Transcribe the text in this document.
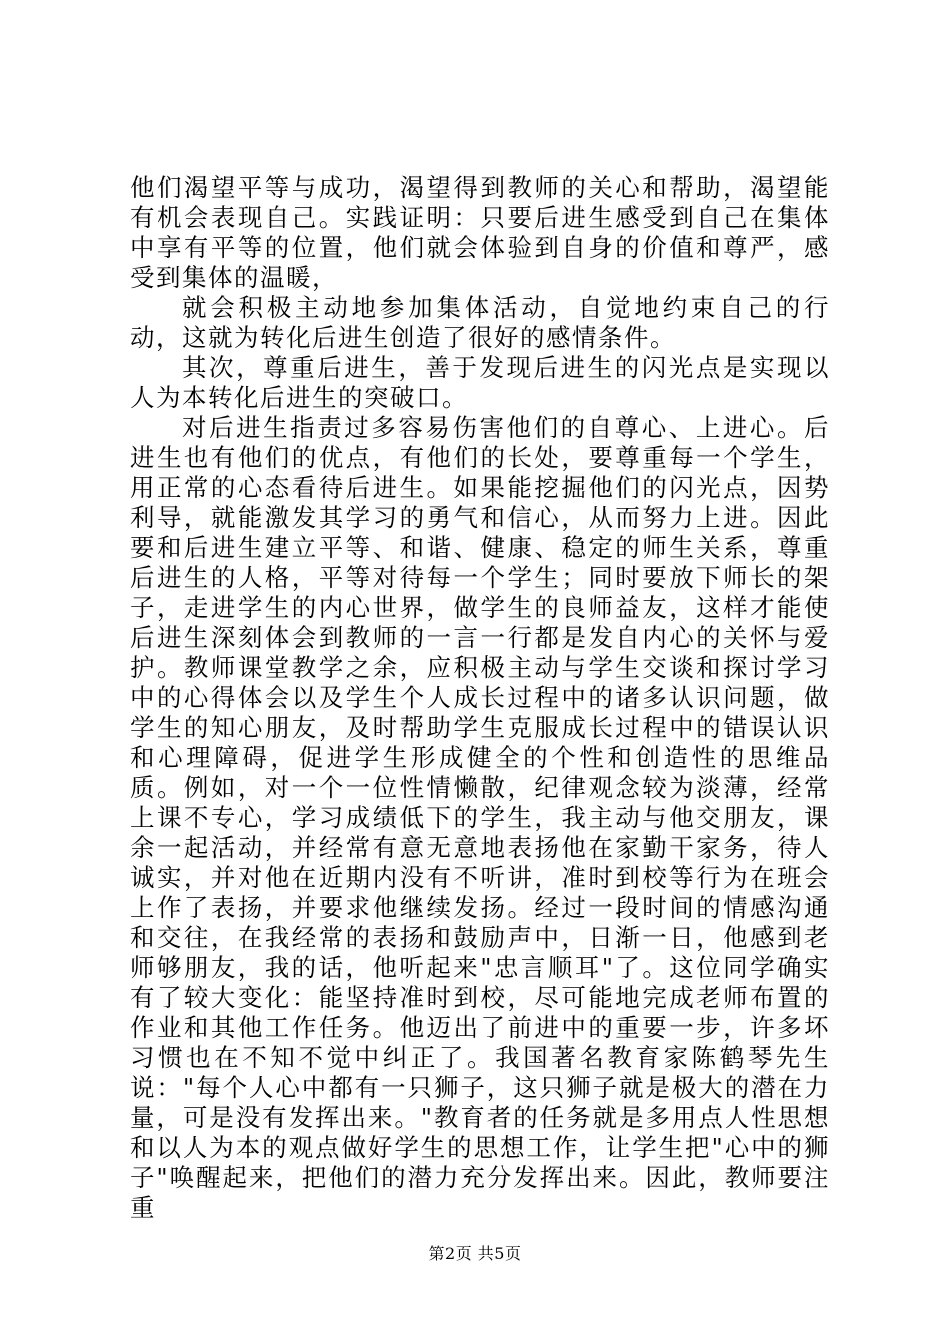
他们渴望平等与成功，渴望得到教师的关心和帮助，渴望能有机会表现自己。实践证明：只要后进生感受到自己在集体中享有平等的位置，他们就会体验到自身的价值和尊严，感受到集体的温暖，

就会积极主动地参加集体活动，自觉地约束自己的行动，这就为转化后进生创造了很好的感情条件。

其次，尊重后进生，善于发现后进生的闪光点是实现以人为本转化后进生的突破口。

对后进生指责过多容易伤害他们的自尊心、上进心。后进生也有他们的优点，有他们的长处，要尊重每一个学生，用正常的心态看待后进生。如果能挖掘他们的闪光点，因势利导，就能激发其学习的勇气和信心，从而努力上进。因此要和后进生建立平等、和谐、健康、稳定的师生关系，尊重后进生的人格，平等对待每一个学生；同时要放下师长的架子，走进学生的内心世界，做学生的良师益友，这样才能使后进生深刻体会到教师的一言一行都是发自内心的关怀与爱护。教师课堂教学之余，应积极主动与学生交谈和探讨学习中的心得体会以及学生个人成长过程中的诸多认识问题，做学生的知心朋友，及时帮助学生克服成长过程中的错误认识和心理障碍，促进学生形成健全的个性和创造性的思维品质。例如，对一个一位性情懒散，纪律观念较为淡薄，经常上课不专心，学习成绩低下的学生，我主动与他交朋友，课余一起活动，并经常有意无意地表扬他在家勤干家务，待人诚实，并对他在近期内没有不听讲，准时到校等行为在班会上作了表扬，并要求他继续发扬。经过一段时间的情感沟通和交往，在我经常的表扬和鼓励声中，日渐一日，他感到老师够朋友，我的话，他听起来"忠言顺耳"了。这位同学确实有了较大变化：能坚持准时到校，尽可能地完成老师布置的作业和其他工作任务。他迈出了前进中的重要一步，许多坏习惯也在不知不觉中纠正了。我国著名教育家陈鹤琴先生说："每个人心中都有一只狮子，这只狮子就是极大的潜在力量，可是没有发挥出来。"教育者的任务就是多用点人性思想和以人为本的观点做好学生的思想工作，让学生把"心中的狮子"唤醒起来，把他们的潜力充分发挥出来。因此，教师要注重

第2页 共5页
